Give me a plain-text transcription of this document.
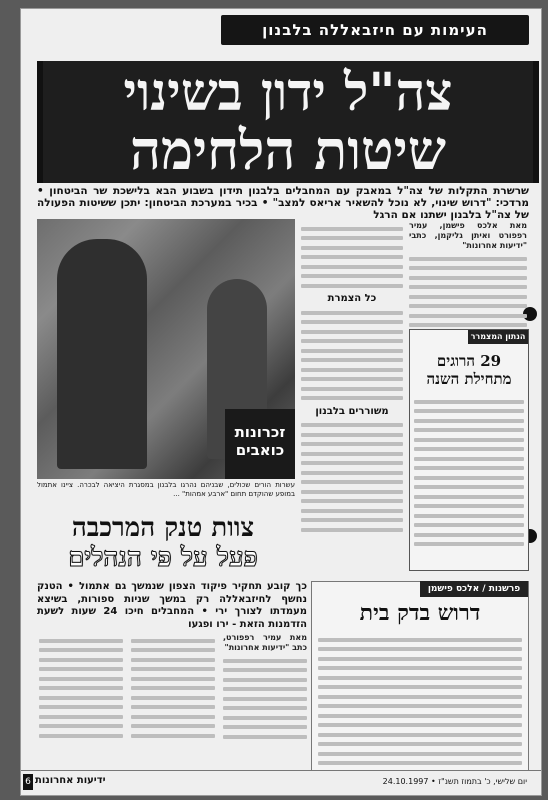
העימות עם חיזבאללה בלבנון
צה"ל ידון בשינוי
שיטות הלחימה
שרשרת התקלות של צה"ל במאבק עם המחבלים בלבנון תידון בשבוע הבא בלישכת שר הביטחון • מרדכי: "דרוש שינוי, לא נוכל להשאיר אריאס למצב" • בכיר במערכת הביטחון: יתכן ששיטות הפעולה של צה"ל בלבנון ישתנו אם הרגל
זכרונות
כואבים
עשרות הורים שכולים, שבניהם נהרגו בלבנון במסגרת היציאה לבכרה. ציינו אתמול במופע שהוקדם תחום "ארבע אמהות" ...
מאת אלכס פישמן, עמיר רפפורט ואיתן גליקמן, כתבי "ידיעות אחרונות"
כל הצמרת
משוררים בלבנון
הנתון המצמרר
29 הרוגים מתחילת השנה
צוות טנק המרכבה
פעל על פי הנהלים
כך קובע תחקיר פיקוד הצפון שנמשך גם אתמול • הטנק נחשף לחיזבאללה רק במשך שניות ספורות, בשיצא מעמדתו לצורך ירי • המחבלים חיכו 24 שעות לשעת הזדמנות הזאת - ירו ופגעו
מאת עמיר רפפורט, כתב "ידיעות אחרונות"
פרשנות / אלכס פישמן
דרוש בדק בית
6 ידיעות אחרונות	יום שלישי, כ' בתמוז תשנ"ז • 24.10.1997
